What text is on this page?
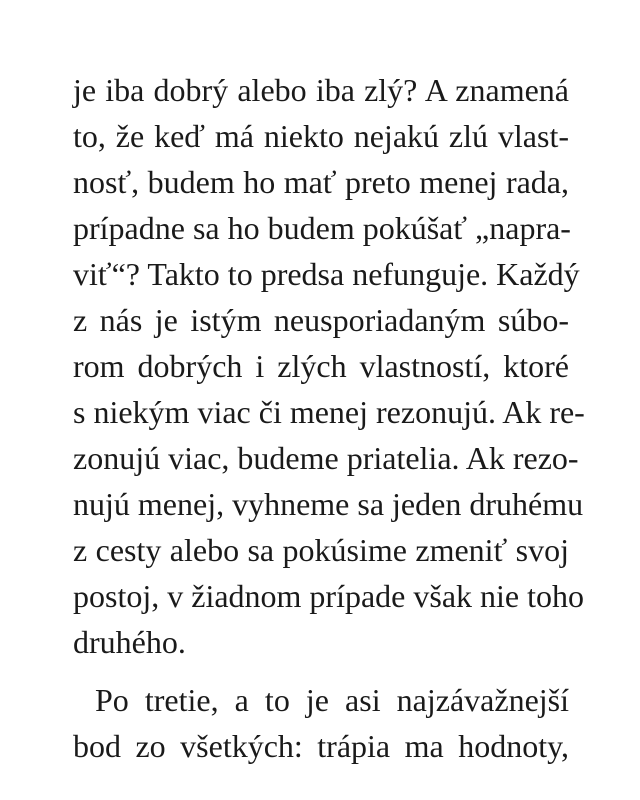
je iba dobrý alebo iba zlý? A znamená
to, že keď má niekto nejakú zlú vlast-
nosť, budem ho mať preto menej rada,
prípadne sa ho budem pokúšať „napra-
viť“? Takto to predsa nefunguje. Každý
z nás je istým neusporiadaným súbo-
rom dobrých i zlých vlastností, ktoré
s niekým viac či menej rezonujú. Ak re-
zonujú viac, budeme priatelia. Ak rezo-
nujú menej, vyhneme sa jeden druhému
z cesty alebo sa pokúsime zmeniť svoj
postoj, v žiadnom prípade však nie toho
druhého.
Po tretie, a to je asi najzávažnejší
bod zo všetkých: trápia ma hodnoty,
